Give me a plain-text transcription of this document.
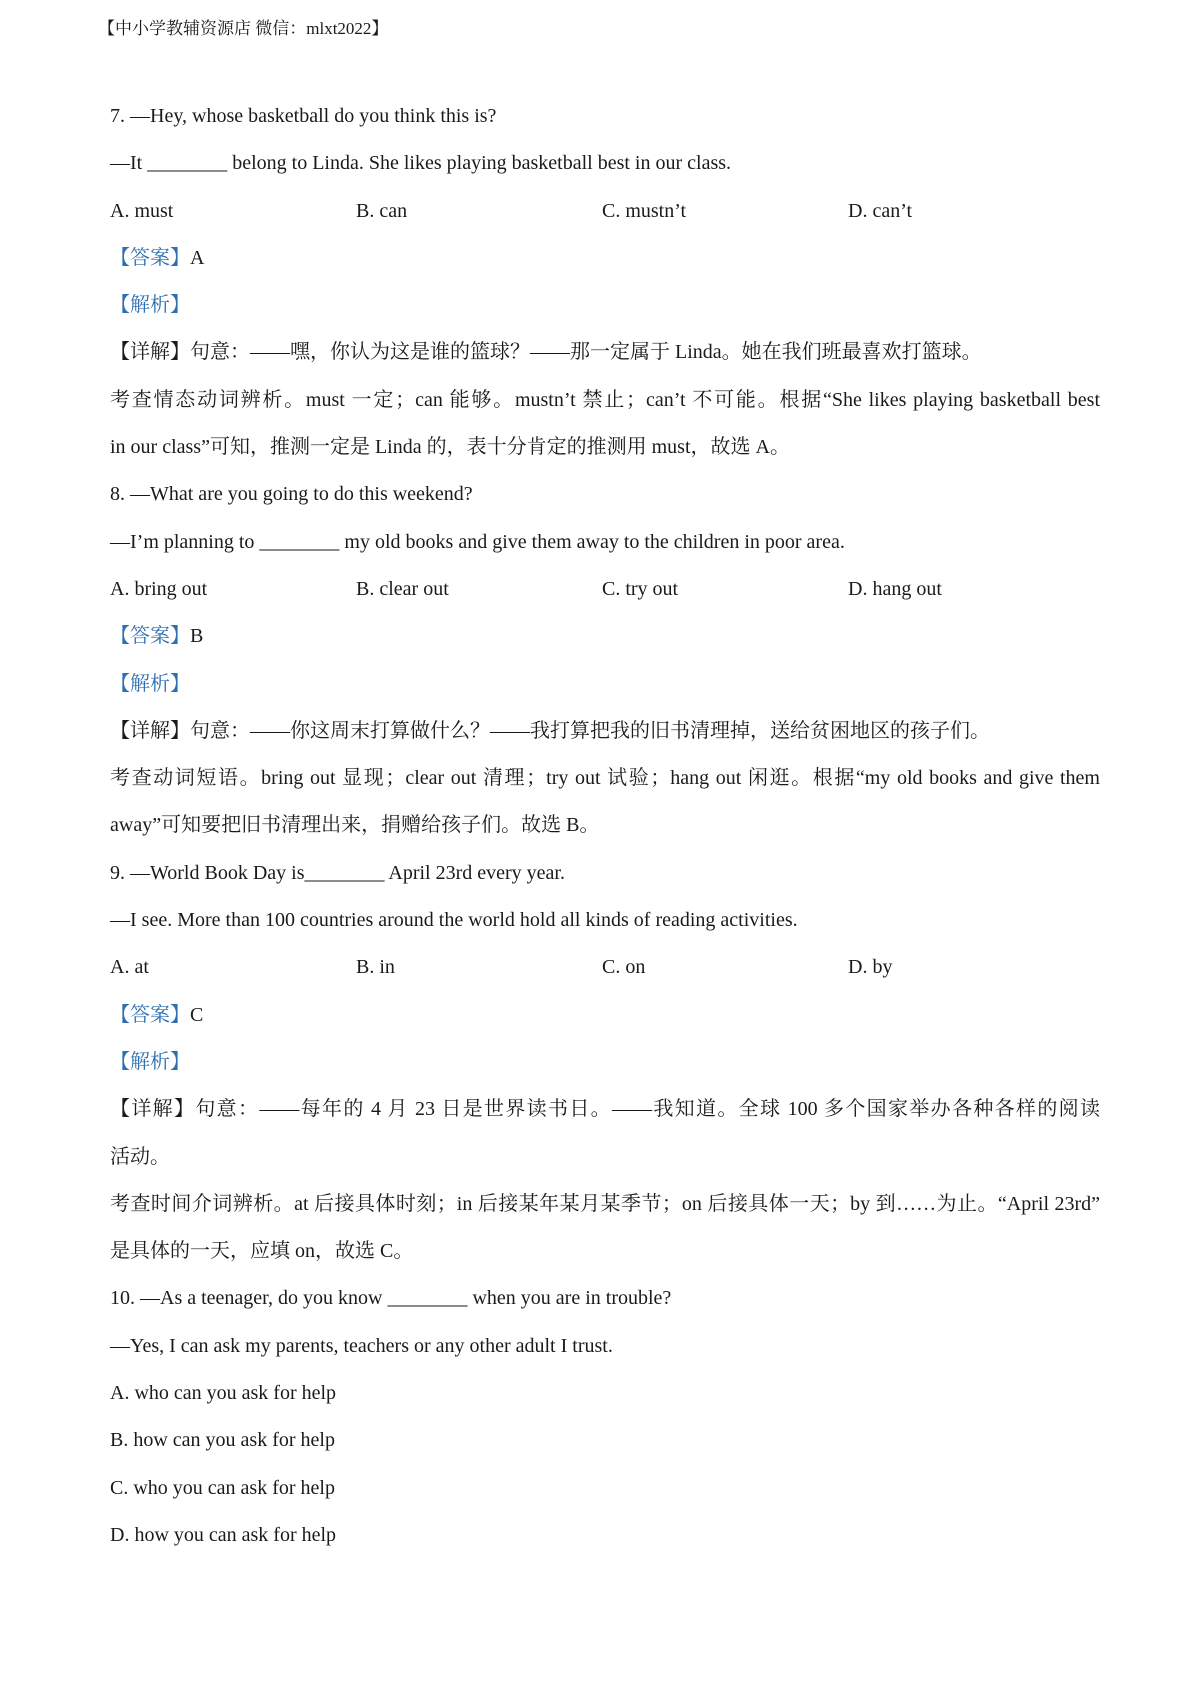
【中小学教辅资源店 微信：mlxt2022】
7. —Hey, whose basketball do you think this is?
—It ________ belong to Linda. She likes playing basketball best in our class.
A. must	B. can	C. mustn’t	D. can’t
【答案】A
【解析】
【详解】句意：——嘿，你认为这是谁的篮球？——那一定属于 Linda。她在我们班最喜欢打篮球。
考查情态动词辨析。must 一定；can 能够。mustn’t 禁止；can’t 不可能。根据“She likes playing basketball best
in our class”可知，推测一定是 Linda 的，表十分肯定的推测用 must，故选 A。
8. —What are you going to do this weekend?
—I’m planning to ________ my old books and give them away to the children in poor area.
A. bring out	B. clear out	C. try out	D. hang out
【答案】B
【解析】
【详解】句意：——你这周末打算做什么？——我打算把我的旧书清理掉，送给贫困地区的孩子们。
考查动词短语。bring out 显现；clear out 清理；try out 试验；hang out 闲逛。根据“my old books and give them
away”可知要把旧书清理出来，捐赠给孩子们。故选 B。
9. —World Book Day is________ April 23rd every year.
—I see. More than 100 countries around the world hold all kinds of reading activities.
A. at	B. in	C. on	D. by
【答案】C
【解析】
【详解】句意：——每年的 4 月 23 日是世界读书日。——我知道。全球 100 多个国家举办各种各样的阅读
活动。
考查时间介词辨析。at 后接具体时刻；in 后接某年某月某季节；on 后接具体一天；by 到……为止。“April 23rd”
是具体的一天，应填 on，故选 C。
10. —As a teenager, do you know ________ when you are in trouble?
—Yes, I can ask my parents, teachers or any other adult I trust.
A. who can you ask for help
B. how can you ask for help
C. who you can ask for help
D. how you can ask for help
